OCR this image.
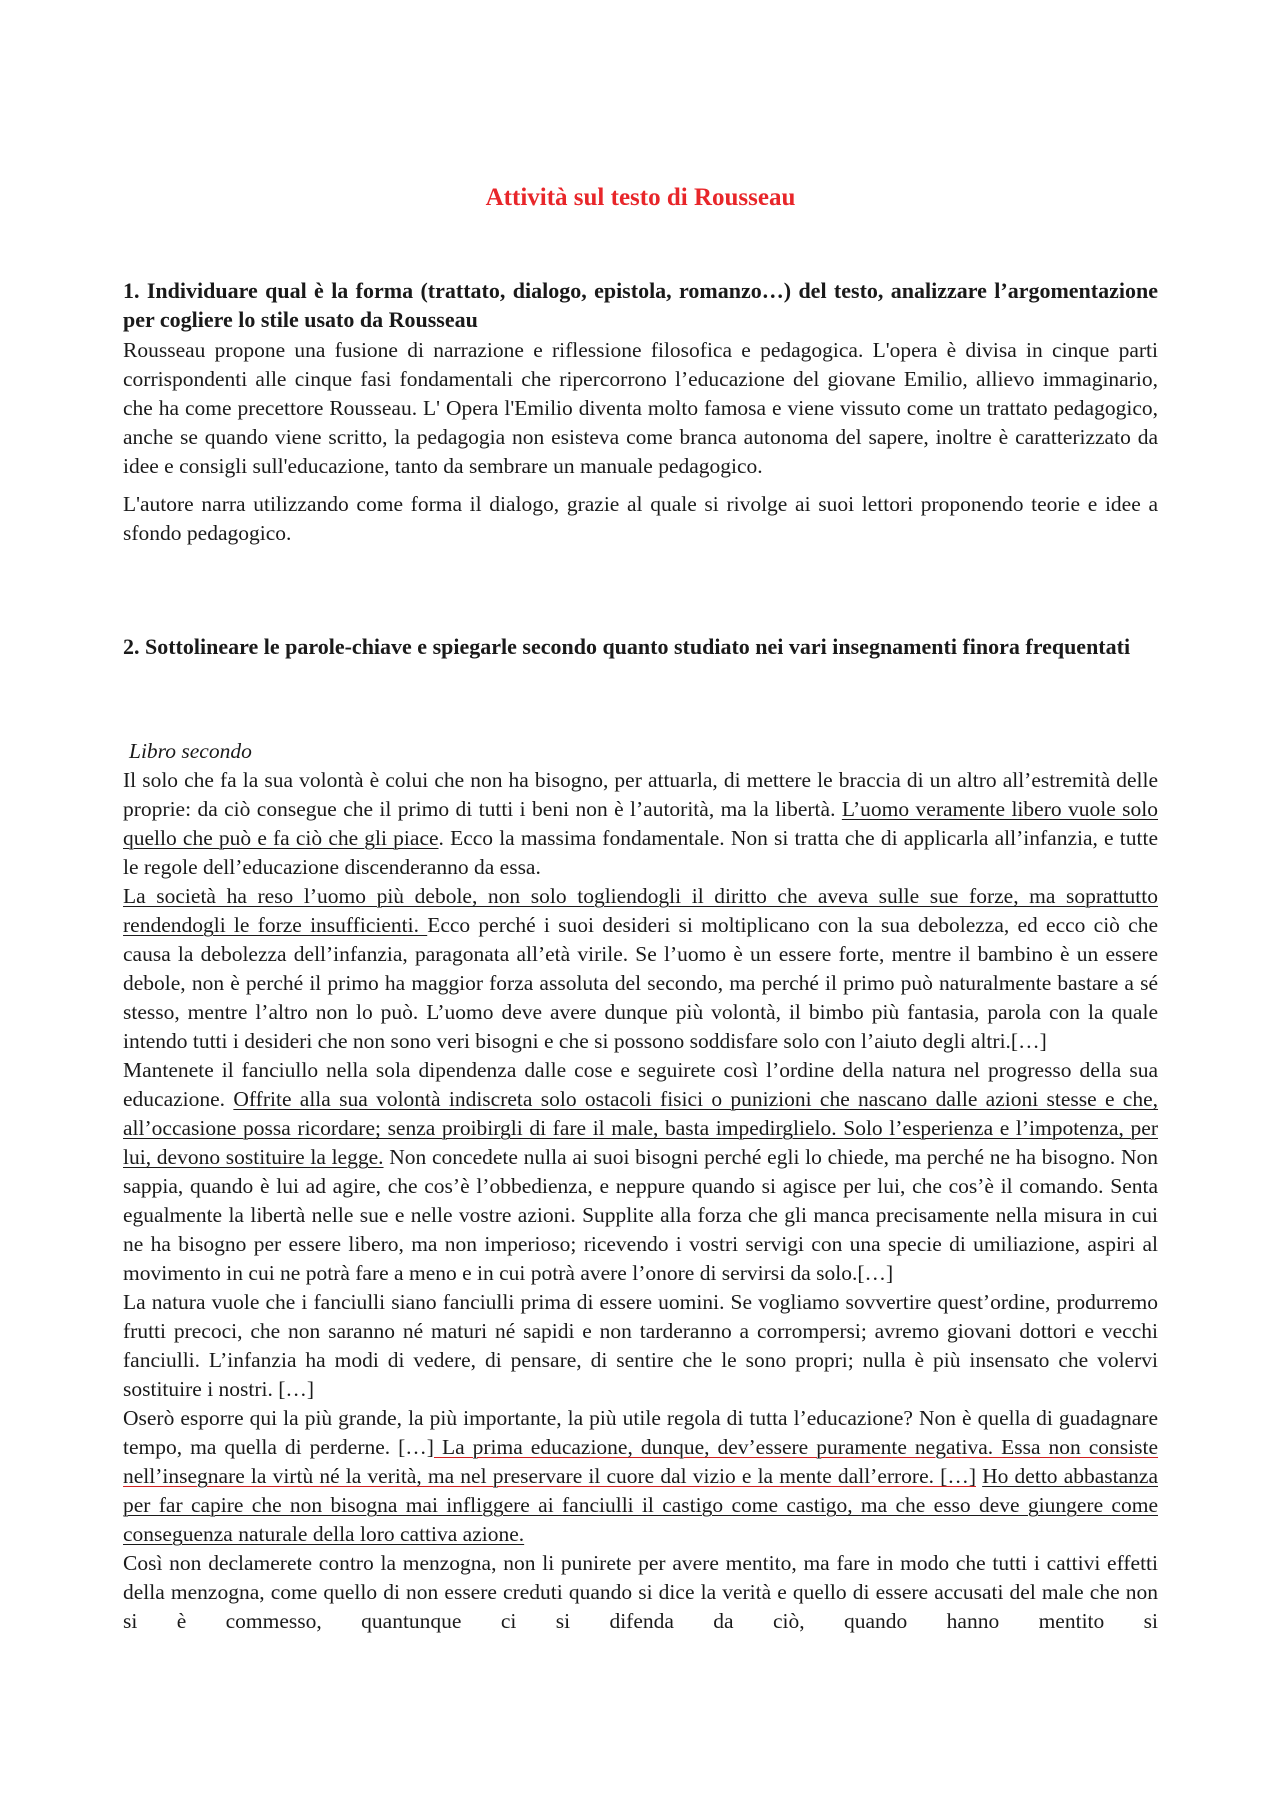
Attività sul testo di Rousseau

1. Individuare qual è la forma (trattato, dialogo, epistola, romanzo…) del testo, analizzare l’argomentazione per cogliere lo stile usato da Rousseau

Rousseau propone una fusione di narrazione e riflessione filosofica e pedagogica. L'opera è divisa in cinque parti corrispondenti alle cinque fasi fondamentali che ripercorrono l’educazione del giovane Emilio, allievo immaginario, che ha come precettore Rousseau. L' Opera l'Emilio diventa molto famosa e viene vissuto come un trattato pedagogico, anche se quando viene scritto, la pedagogia non esisteva come branca autonoma del sapere, inoltre è caratterizzato da idee e consigli sull'educazione, tanto da sembrare un manuale pedagogico.

L'autore narra utilizzando come forma il dialogo, grazie al quale si rivolge ai suoi lettori proponendo teorie e idee a sfondo pedagogico.

2. Sottolineare le parole-chiave e spiegarle secondo quanto studiato nei vari insegnamenti finora frequentati

Libro secondo

Il solo che fa la sua volontà è colui che non ha bisogno, per attuarla, di mettere le braccia di un altro all’estremità delle proprie: da ciò consegue che il primo di tutti i beni non è l’autorità, ma la libertà. L’uomo veramente libero vuole solo quello che può e fa ciò che gli piace. Ecco la massima fondamentale. Non si tratta che di applicarla all’infanzia, e tutte le regole dell’educazione discenderanno da essa.

La società ha reso l’uomo più debole, non solo togliendogli il diritto che aveva sulle sue forze, ma soprattutto rendendogli le forze insufficienti. Ecco perché i suoi desideri si moltiplicano con la sua debolezza, ed ecco ciò che causa la debolezza dell’infanzia, paragonata all’età virile. Se l’uomo è un essere forte, mentre il bambino è un essere debole, non è perché il primo ha maggior forza assoluta del secondo, ma perché il primo può naturalmente bastare a sé stesso, mentre l’altro non lo può. L’uomo deve avere dunque più volontà, il bimbo più fantasia, parola con la quale intendo tutti i desideri che non sono veri bisogni e che si possono soddisfare solo con l’aiuto degli altri.[…]

Mantenete il fanciullo nella sola dipendenza dalle cose e seguirete così l’ordine della natura nel progresso della sua educazione. Offrite alla sua volontà indiscreta solo ostacoli fisici o punizioni che nascano dalle azioni stesse e che, all’occasione possa ricordare; senza proibirgli di fare il male, basta impedirglielo. Solo l’esperienza e l’impotenza, per lui, devono sostituire la legge. Non concedete nulla ai suoi bisogni perché egli lo chiede, ma perché ne ha bisogno. Non sappia, quando è lui ad agire, che cos’è l’obbedienza, e neppure quando si agisce per lui, che cos’è il comando. Senta egualmente la libertà nelle sue e nelle vostre azioni. Supplite alla forza che gli manca precisamente nella misura in cui ne ha bisogno per essere libero, ma non imperioso; ricevendo i vostri servigi con una specie di umiliazione, aspiri al movimento in cui ne potrà fare a meno e in cui potrà avere l’onore di servirsi da solo.[…]

La natura vuole che i fanciulli siano fanciulli prima di essere uomini. Se vogliamo sovvertire quest’ordine, produrremo frutti precoci, che non saranno né maturi né sapidi e non tarderanno a corrompersi; avremo giovani dottori e vecchi fanciulli. L’infanzia ha modi di vedere, di pensare, di sentire che le sono propri; nulla è più insensato che volervi sostituire i nostri. […]

Oserò esporre qui la più grande, la più importante, la più utile regola di tutta l’educazione? Non è quella di guadagnare tempo, ma quella di perderne. […] La prima educazione, dunque, dev’essere puramente negativa. Essa non consiste nell’insegnare la virtù né la verità, ma nel preservare il cuore dal vizio e la mente dall’errore. […] Ho detto abbastanza per far capire che non bisogna mai infliggere ai fanciulli il castigo come castigo, ma che esso deve giungere come conseguenza naturale della loro cattiva azione.

Così non declamerete contro la menzogna, non li punirete per avere mentito, ma fare in modo che tutti i cattivi effetti della menzogna, come quello di non essere creduti quando si dice la verità e quello di essere accusati del male che non si è commesso, quantunque ci si difenda da ciò, quando hanno mentito si
